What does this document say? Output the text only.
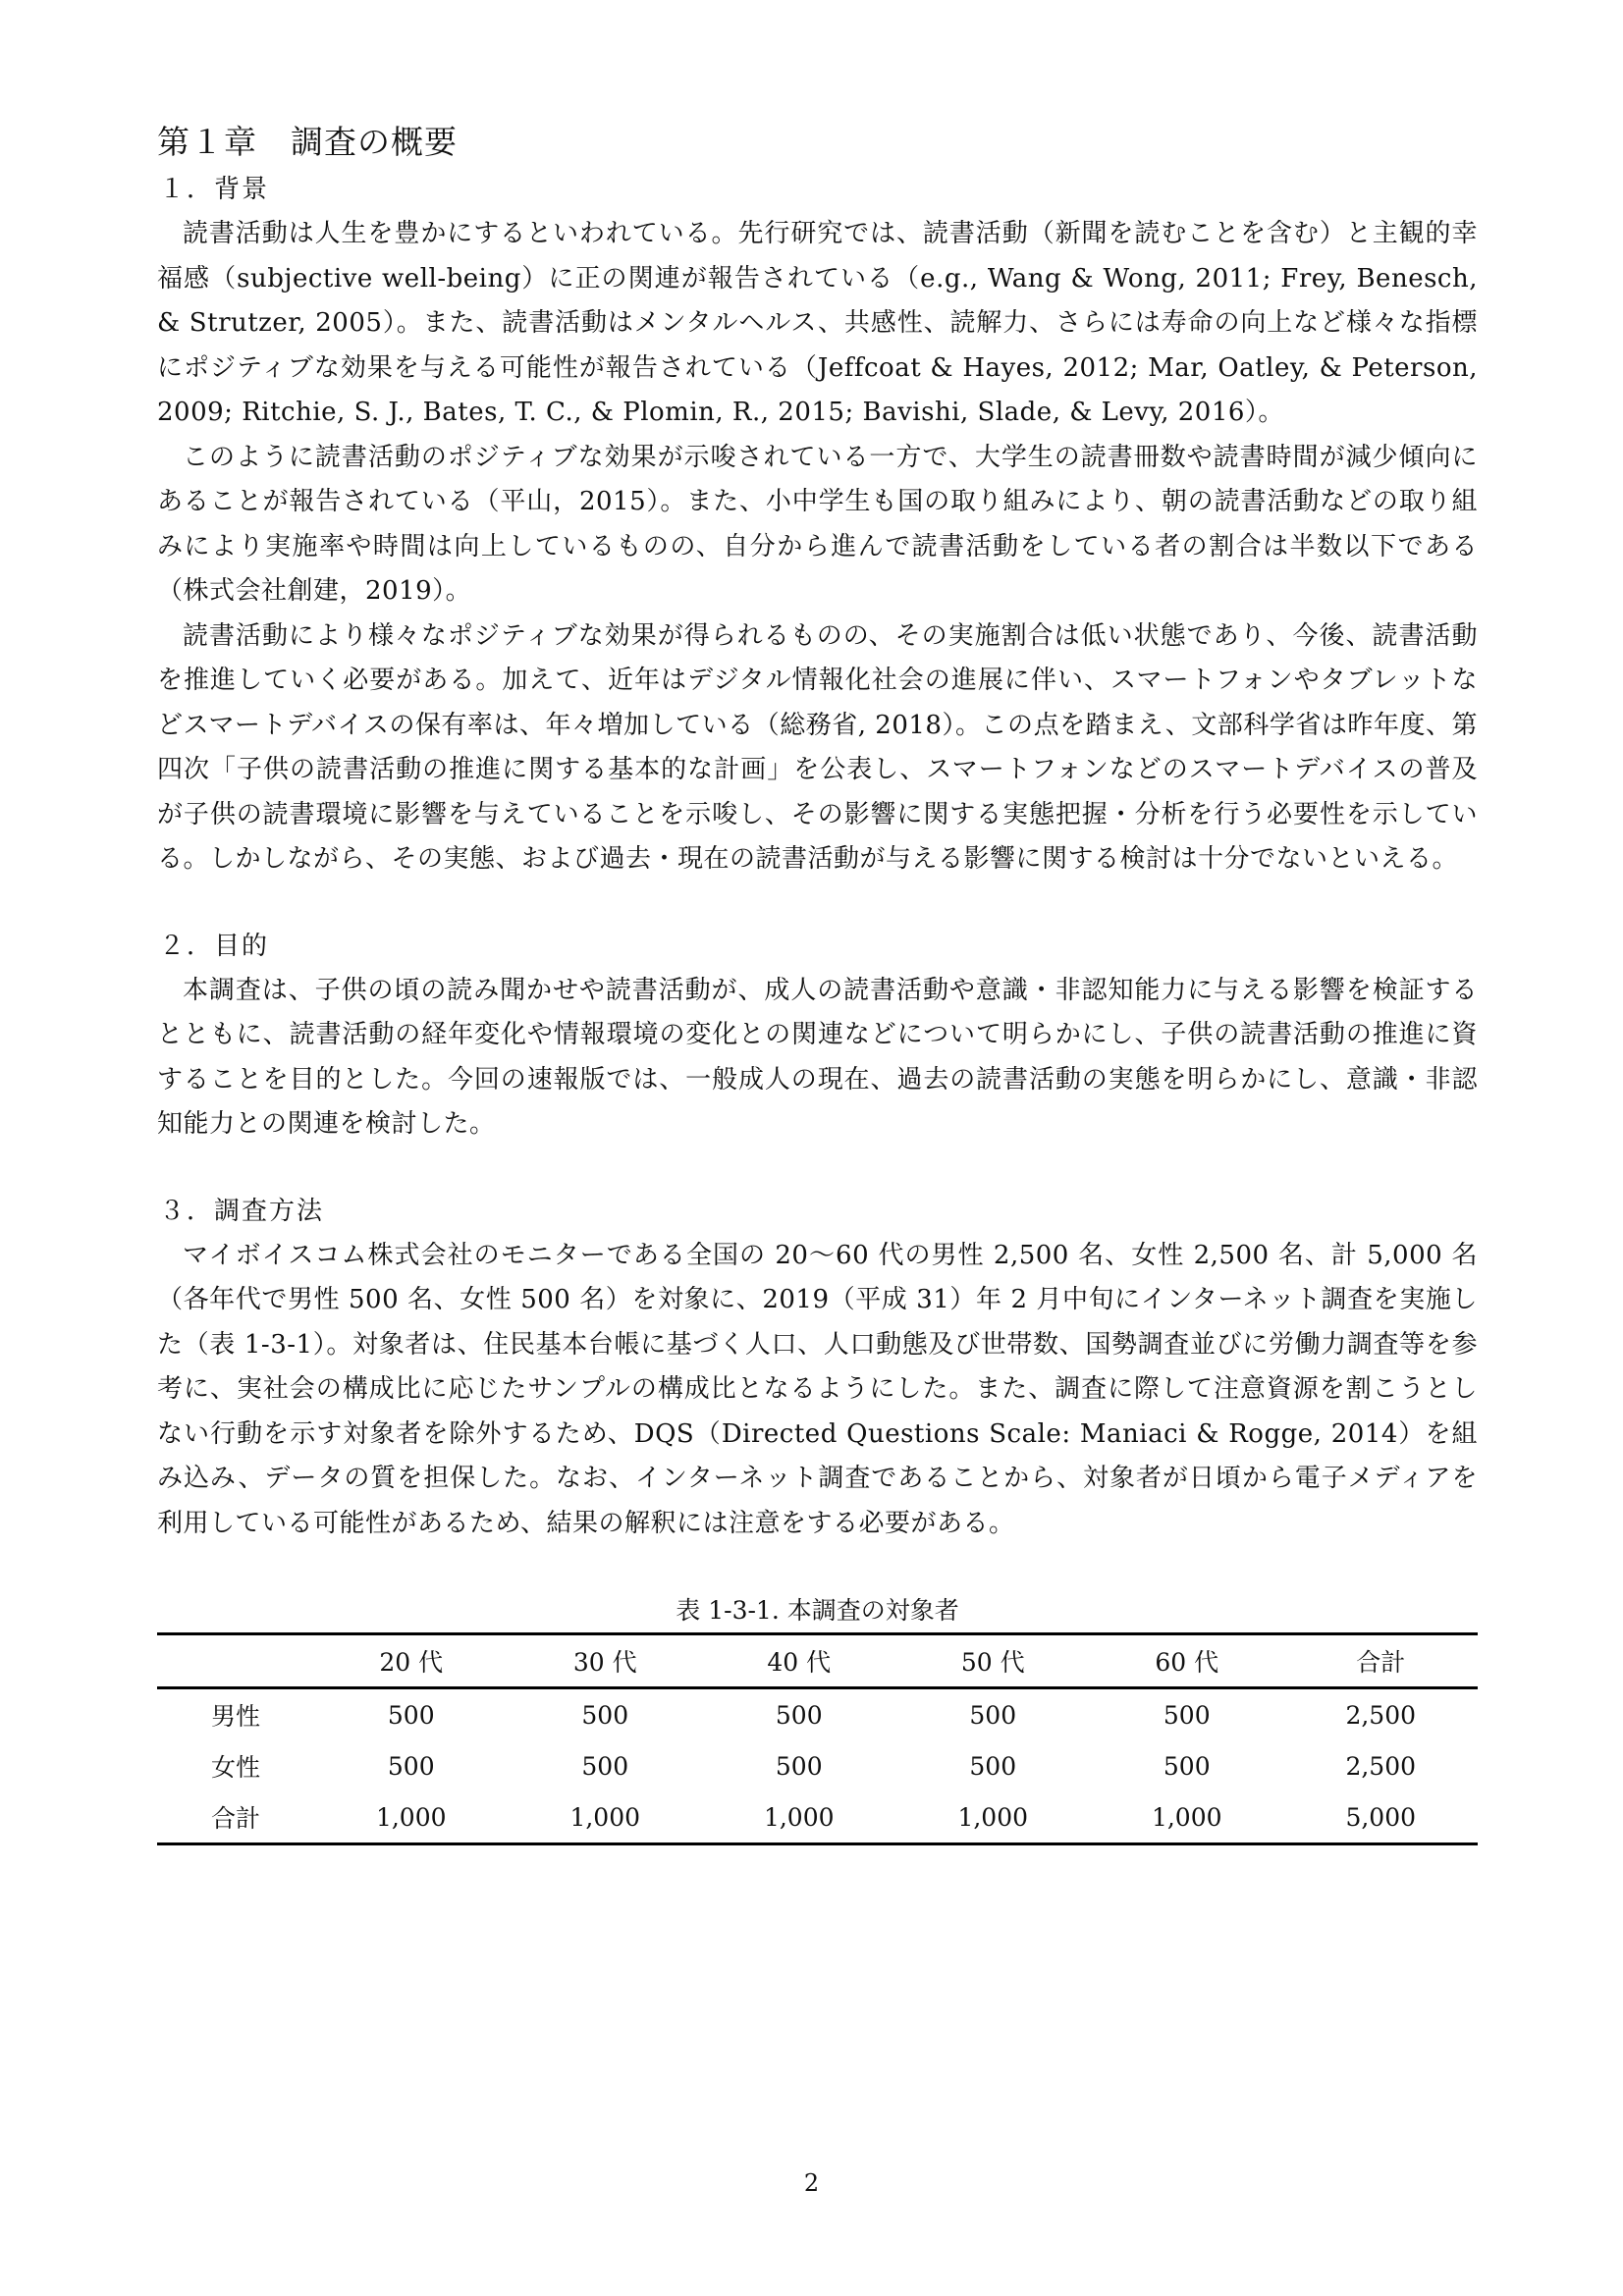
第１章　調査の概要
１．背景

読書活動は人生を豊かにするといわれている。先行研究では、読書活動（新聞を読むことを含む）と主観的幸福感（subjective well-being）に正の関連が報告されている（e.g., Wang & Wong, 2011; Frey, Benesch, & Strutzer, 2005）。また、読書活動はメンタルヘルス、共感性、読解力、さらには寿命の向上など様々な指標にポジティブな効果を与える可能性が報告されている（Jeffcoat & Hayes, 2012; Mar, Oatley, & Peterson, 2009; Ritchie, S. J., Bates, T. C., & Plomin, R., 2015; Bavishi, Slade, & Levy, 2016）。

このように読書活動のポジティブな効果が示唆されている一方で、大学生の読書冊数や読書時間が減少傾向にあることが報告されている（平山，2015）。また、小中学生も国の取り組みにより、朝の読書活動などの取り組みにより実施率や時間は向上しているものの、自分から進んで読書活動をしている者の割合は半数以下である（株式会社創建，2019）。

読書活動により様々なポジティブな効果が得られるものの、その実施割合は低い状態であり、今後、読書活動を推進していく必要がある。加えて、近年はデジタル情報化社会の進展に伴い、スマートフォンやタブレットなどスマートデバイスの保有率は、年々増加している（総務省, 2018）。この点を踏まえ、文部科学省は昨年度、第四次「子供の読書活動の推進に関する基本的な計画」を公表し、スマートフォンなどのスマートデバイスの普及が子供の読書環境に影響を与えていることを示唆し、その影響に関する実態把握・分析を行う必要性を示している。しかしながら、その実態、および過去・現在の読書活動が与える影響に関する検討は十分でないといえる。

２．目的

本調査は、子供の頃の読み聞かせや読書活動が、成人の読書活動や意識・非認知能力に与える影響を検証するとともに、読書活動の経年変化や情報環境の変化との関連などについて明らかにし、子供の読書活動の推進に資することを目的とした。今回の速報版では、一般成人の現在、過去の読書活動の実態を明らかにし、意識・非認知能力との関連を検討した。

３．調査方法

マイボイスコム株式会社のモニターである全国の 20～60 代の男性 2,500 名、女性 2,500 名、計 5,000 名（各年代で男性 500 名、女性 500 名）を対象に、2019（平成 31）年 2 月中旬にインターネット調査を実施した（表 1-3-1）。対象者は、住民基本台帳に基づく人口、人口動態及び世帯数、国勢調査並びに労働力調査等を参考に、実社会の構成比に応じたサンプルの構成比となるようにした。また、調査に際して注意資源を割こうとしない行動を示す対象者を除外するため、DQS（Directed Questions Scale: Maniaci & Rogge, 2014）を組み込み、データの質を担保した。なお、インターネット調査であることから、対象者が日頃から電子メディアを利用している可能性があるため、結果の解釈には注意をする必要がある。

表 1-3-1. 本調査の対象者
	20 代	30 代	40 代	50 代	60 代	合計
男性	500	500	500	500	500	2,500
女性	500	500	500	500	500	2,500
合計	1,000	1,000	1,000	1,000	1,000	5,000
2
